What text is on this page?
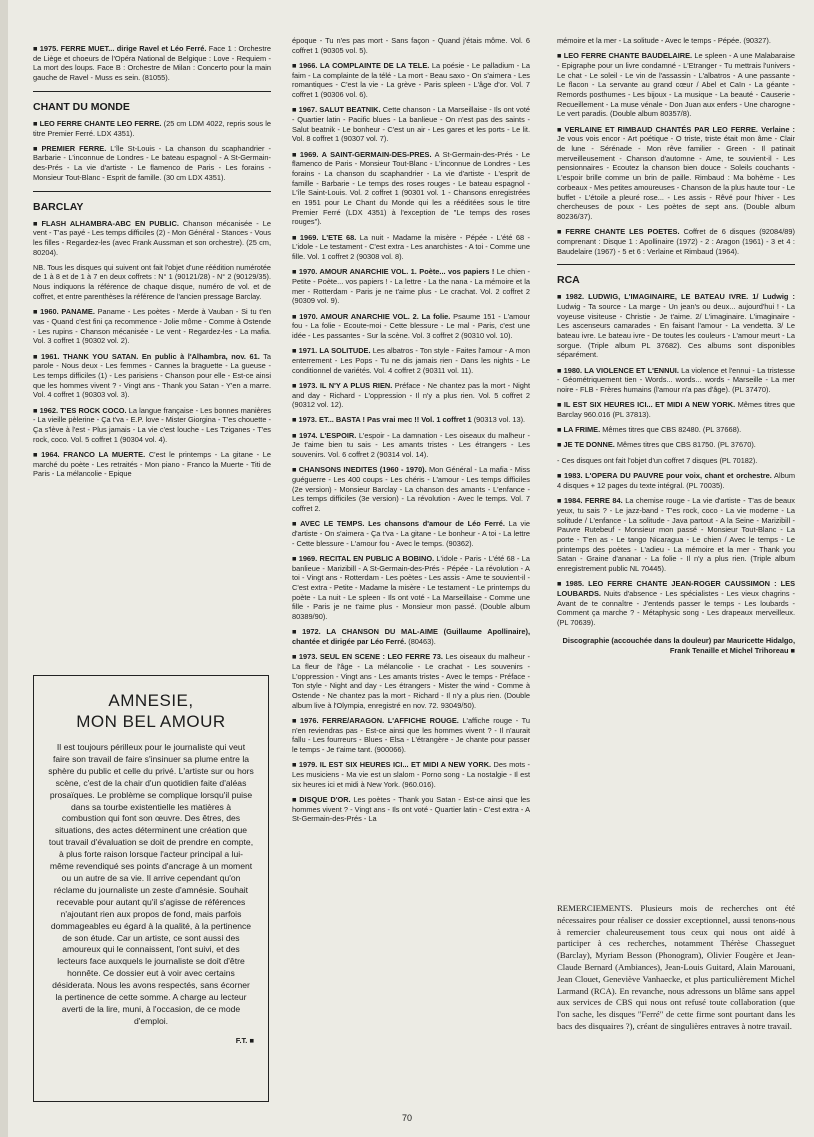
■ 1975. FERRE MUET... dirige Ravel et Léo Ferré. Face 1 : Orchestre de Liège et choeurs de l'Opéra National de Belgique : Love - Requiem - La mort des loups. Face B : Orchestre de Milan : Concerto pour la main gauche de Ravel - Muss es sein. (81055).
CHANT DU MONDE
■ LEO FERRE CHANTE LEO FERRE. (25 cm LDM 4022, repris sous le titre Premier Ferré. LDX 4351).
■ PREMIER FERRE. L'île St-Louis - La chanson du scaphandrier - Barbarie - L'inconnue de Londres - Le bateau espagnol - A St-Germain-des-Prés - La vie d'artiste - Le flamenco de Paris - Les forains - Monsieur Tout-Blanc - Esprit de famille. (30 cm LDX 4351).
BARCLAY
■ FLASH ALHAMBRA-ABC EN PUBLIC. Chanson mécanisée - Le vent - T'as payé - Les temps difficiles (2) - Mon Général - Stances - Vous les filles - Regardez-les (avec Frank Aussman et son orchestre). (25 cm, 80204).
NB. Tous les disques qui suivent ont fait l'objet d'une réédition numérotée de 1 à 8 et de 1 à 7 en deux coffrets : N° 1 (90121/28) - N° 2 (90129/35). Nous indiquons la référence de chaque disque, numéro de vol. et de coffret, et entre parenthèses la référence de l'ancien pressage Barclay.
■ 1960. PANAME. Paname - Les poètes - Merde à Vauban - Si tu t'en vas - Quand c'est fini ça recommence - Jolie môme - Comme à Ostende - Les rupins - Chanson mécanisée - Le vent - Regardez-les - La mafia. Vol. 3 coffret 1 (90302 vol. 2).
■ 1961. THANK YOU SATAN. En public à l'Alhambra, nov. 61. Ta parole - Nous deux - Les femmes - Cannes la braguette - La gueuse - Les temps difficiles (1) - Les parisiens - Chanson pour elle - Est-ce ainsi que les hommes vivent ? - Vingt ans - Thank you Satan - Y'en a marre. Vol. 4 coffret 1 (90303 vol. 3).
■ 1962. T'ES ROCK COCO. La langue française - Les bonnes manières - La vieille pèlerine - Ça t'va - E.P. love - Mister Giorgina - T'es chouette - Ça s'lève à l'est - Plus jamais - La vie c'est louche - Les Tziganes - T'es rock, coco. Vol. 5 coffret 1 (90304 vol. 4).
■ 1964. FRANCO LA MUERTE. C'est le printemps - La gitane - Le marché du poète - Les retraités - Mon piano - Franco la Muerte - Titi de Paris - La mélancolie - Epique
époque - Tu n'es pas mort - Sans façon - Quand j'étais môme. Vol. 6 coffret 1 (90305 vol. 5).
■ 1966. LA COMPLAINTE DE LA TELE. La poésie - Le palladium - La faim - La complainte de la télé - La mort - Beau saxo - On s'aimera - Les romantiques - C'est la vie - La grève - Paris spleen - L'âge d'or. Vol. 7 coffret 1 (90306 vol. 6).
■ 1967. SALUT BEATNIK. Cette chanson - La Marseillaise - Ils ont voté - Quartier latin - Pacific blues - La banlieue - On n'est pas des saints - Salut beatnik - Le bonheur - C'est un air - Les gares et les ports - Le lit. Vol. 8 coffret 1 (90307 vol. 7).
■ 1969. A SAINT-GERMAIN-DES-PRES. A St-Germain-des-Prés - Le flamenco de Paris - Monsieur Tout-Blanc - L'inconnue de Londres - Les forains - La chanson du scaphandrier - La vie d'artiste - L'esprit de famille - Barbarie - Le temps des roses rouges - Le bateau espagnol - L'île Saint-Louis. Vol. 2 coffret 1 (90301 vol. 1 - Chansons enregistrées en 1951 pour Le Chant du Monde qui les a rééditées sous le titre Premier Ferré (LDX 4351) à l'exception de "Le temps des roses rouges").
■ 1969. L'ETE 68. La nuit - Madame la misère - Pépée - L'été 68 - L'idole - Le testament - C'est extra - Les anarchistes - A toi - Comme une fille. Vol. 1 coffret 2 (90308 vol. 8).
■ 1970. AMOUR ANARCHIE VOL. 1. Poète... vos papiers ! Le chien - Petite - Poète... vos papiers ! - La lettre - La the nana - La mémoire et la mer - Rotterdam - Paris je ne t'aime plus - Le crachat. Vol. 2 coffret 2 (90309 vol. 9).
■ 1970. AMOUR ANARCHIE VOL. 2. La folie. Psaume 151 - L'amour fou - La folie - Ecoute-moi - Cette blessure - Le mal - Paris, c'est une idée - Les passantes - Sur la scène. Vol. 3 coffret 2 (90310 vol. 10).
■ 1971. LA SOLITUDE. Les albatros - Ton style - Faites l'amour - A mon enterrement - Les Pops - Tu ne dis jamais rien - Dans les nights - Le conditionnel de variétés. Vol. 4 coffret 2 (90311 vol. 11).
■ 1973. IL N'Y A PLUS RIEN. Préface - Ne chantez pas la mort - Night and day - Richard - L'oppression - Il n'y a plus rien. Vol. 5 coffret 2 (90312 vol. 12).
■ 1973. ET... BASTA ! Pas vrai mec !! Vol. 1 coffret 1 (90313 vol. 13).
■ 1974. L'ESPOIR. L'espoir - La damnation - Les oiseaux du malheur - Je t'aime bien tu sais - Les amants tristes - Les étrangers - Les souvenirs. Vol. 6 coffret 2 (90314 vol. 14).
■ CHANSONS INEDITES (1960 - 1970). Mon Général - La mafia - Miss guéguerre - Les 400 coups - Les chéris - L'amour - Les temps difficiles (2e version) - Monsieur Barclay - La chanson des amants - L'enfance - Les temps difficiles (3e version) - La révolution - Avec le temps. Vol. 7 coffret 2.
■ AVEC LE TEMPS. Les chansons d'amour de Léo Ferré. La vie d'artiste - On s'aimera - Ça t'va - La gitane - Le bonheur - A toi - La lettre - Cette blessure - L'amour fou - Avec le temps. (90362).
■ 1969. RECITAL EN PUBLIC A BOBINO. L'idole - Paris - L'été 68 - La banlieue - Marizibill - A St-Germain-des-Prés - Pépée - La révolution - A toi - Vingt ans - Rotterdam - Les poètes - Les assis - Ame te souvient-il - C'est extra - Petite - Madame la misère - Le testament - Le printemps du poète - La nuit - Le spleen - Ils ont voté - La Marseillaise - Comme une fille - Paris je ne t'aime plus - Monsieur mon passé. (Double album 80389/90).
■ 1972. LA CHANSON DU MAL-AIME (Guillaume Apollinaire), chantée et dirigée par Léo Ferré. (80463).
■ 1973. SEUL EN SCENE : LEO FERRE 73. Les oiseaux du malheur - La fleur de l'âge - La mélancolie - Le crachat - Les souvenirs - L'oppression - Vingt ans - Les amants tristes - Avec le temps - Préface - Ton style - Night and day - Les étrangers - Mister the wind - Comme à Ostende - Ne chantez pas la mort - Richard - Il n'y a plus rien. (Double album live à l'Olympia, enregistré en nov. 72. 93049/50).
■ 1976. FERRE/ARAGON. L'AFFICHE ROUGE. L'affiche rouge - Tu n'en reviendras pas - Est-ce ainsi que les hommes vivent ? - Il n'aurait fallu - Les fourreurs - Blues - Elsa - L'étrangère - Je chante pour passer le temps - Je t'aime tant. (900066).
■ 1979. IL EST SIX HEURES ICI... ET MIDI A NEW YORK. Des mots - Les musiciens - Ma vie est un slalom - Porno song - La nostalgie - Il est six heures ici et midi à New York. (960.016).
■ DISQUE D'OR. Les poètes - Thank you Satan - Est-ce ainsi que les hommes vivent ? - Vingt ans - Ils ont voté - Quartier latin - C'est extra - A St-Germain-des-Prés - La
mémoire et la mer - La solitude - Avec le temps - Pépée. (90327).
■ LEO FERRE CHANTE BAUDELAIRE. Le spleen - A une Malabaraise - Epigraphe pour un livre condamné - L'Etranger - Tu mettrais l'univers - Le chat - Le soleil - Le vin de l'assassin - L'albatros - A une passante - Le flacon - La servante au grand cœur / Abel et Caïn - La géante - Remords posthumes - Les bijoux - La musique - La beauté - Causerie - Recueillement - La muse vénale - Don Juan aux enfers - Une charogne - Le vert paradis. (Double album 80357/8).
■ VERLAINE ET RIMBAUD CHANTÉS PAR LEO FERRE. Verlaine : Je vous vois encor - Art poétique - O triste, triste était mon âme - Clair de lune - Sérénade - Mon rêve familier - Green - Il patinait merveilleusement - Chanson d'automne - Ame, te souvient-il - Les pensionnaires - Ecoutez la chanson bien douce - Soleils couchants - L'espoir brille comme un brin de paille. Rimbaud : Ma bohème - Les corbeaux - Mes petites amoureuses - Chanson de la plus haute tour - Le buffet - L'étoile a pleuré rose... - Les assis - Rêvé pour l'hiver - Les chercheuses de poux - Les poètes de sept ans. (Double album 80236/37).
■ FERRE CHANTE LES POETES. Coffret de 6 disques (92084/89) comprenant : Disque 1 : Apollinaire (1972) - 2 : Aragon (1961) - 3 et 4 : Baudelaire (1967) - 5 et 6 : Verlaine et Rimbaud (1964).
RCA
■ 1982. LUDWIG, L'IMAGINAIRE, LE BATEAU IVRE. 1/ Ludwig : Ludwig - Ta source - La marge - Un jean's ou deux... aujourd'hui ! - La voyeuse visiteuse - Christie - Je t'aime. 2/ L'imaginaire. L'imaginaire - Les ascenseurs camarades - En faisant l'amour - La vendetta. 3/ Le bateau ivre. Le bateau ivre - De toutes les couleurs - L'amour meurt - La sorgue. (Triple album PL 37682). Ces albums sont disponibles séparément.
■ 1980. LA VIOLENCE ET L'ENNUI. La violence et l'ennui - La tristesse - Géométriquement tien - Words... words... words - Marseille - La mer noire - FLB - Frères humains (l'amour n'a pas d'âge). (PL 37470).
■ IL EST SIX HEURES ICI... ET MIDI A NEW YORK. Mêmes titres que Barclay 960.016 (PL 37813).
■ LA FRIME. Mêmes titres que CBS 82480. (PL 37668).
■ JE TE DONNE. Mêmes titres que CBS 81750. (PL 37670).
- Ces disques ont fait l'objet d'un coffret 7 disques (PL 70182).
■ 1983. L'OPERA DU PAUVRE pour voix, chant et orchestre. Album 4 disques + 12 pages du texte intégral. (PL 70035).
■ 1984. FERRE 84. La chemise rouge - La vie d'artiste - T'as de beaux yeux, tu sais ? - Le jazz-band - T'es rock, coco - La vie moderne - La solitude / L'enfance - La solitude - Java partout - A la Seine - Marizibill - Pauvre Rutebeuf - Monsieur mon passé - Monsieur Tout-Blanc - La porte - T'en as - Le tango Nicaragua - Le chien / Avec le temps - Le printemps des poètes - L'adieu - La mémoire et la mer - Thank you Satan - Graine d'ananar - La folie - Il n'y a plus rien. (Triple album enregistrement public NL 70445).
■ 1985. LEO FERRE CHANTE JEAN-ROGER CAUSSIMON : LES LOUBARDS. Nuits d'absence - Les spécialistes - Les vieux chagrins - Avant de te connaître - J'entends passer le temps - Les loubards - Comment ça marche ? - Métaphysic song - Les drapeaux merveilleux. (PL 70639).
Discographie (accouchée dans la douleur) par Mauricette Hidalgo, Frank Tenaille et Michel Trihoreau ■
AMNESIE,
MON BEL AMOUR

Il est toujours périlleux pour le journaliste qui veut faire son travail de faire s'insinuer sa plume entre la sphère du public et celle du privé. L'artiste sur ou hors scène, c'est de la chair d'un quotidien faite d'aléas prosaïques. Le problème se complique lorsqu'il puise dans sa tourbe existentielle les matières à combustion qui font son œuvre. Des êtres, des situations, des actes déterminent une création que tout travail d'évaluation se doit de prendre en compte, à plus forte raison lorsque l'acteur principal a lui-même revendiqué ses points d'ancrage à un moment ou un autre de sa vie. Il arrive cependant qu'on réclame du journaliste un zeste d'amnésie. Souhait recevable pour autant qu'il s'agisse de références n'ajoutant rien aux propos de fond, mais parfois dommageables eu égard à la qualité, à la pertinence de son étude. Car un artiste, ce sont aussi des amoureux qui le connaissent, l'ont suivi, et des lecteurs face auxquels le journaliste se doit d'être honnête. Ce dossier eut à voir avec certains désiderata. Nous les avons respectés, sans écorner la pertinence de cette somme. A charge au lecteur averti de la lire, muni, à l'occasion, de ce mode d'emploi.

F.T. ■
REMERCIEMENTS. Plusieurs mois de recherches ont été nécessaires pour réaliser ce dossier exceptionnel, aussi tenons-nous à remercier chaleureusement tous ceux qui nous ont aidé à participer à ces recherches, notamment Thérèse Chasseguet (Barclay), Myriam Besson (Phonogram), Olivier Fougère et Jean-Claude Bernard (Ambiances), Jean-Louis Guitard, Alain Marouani, Jean Clouet, Geneviève Vanhaecke, et plus particulièrement Michel Larmand (RCA). En revanche, nous adressons un blâme sans appel aux services de CBS qui nous ont refusé toute collaboration (que l'on sache, les disques "Ferré" de cette firme sont pourtant dans les bacs des disquaires ?), créant de singulières entraves à notre travail.
70
